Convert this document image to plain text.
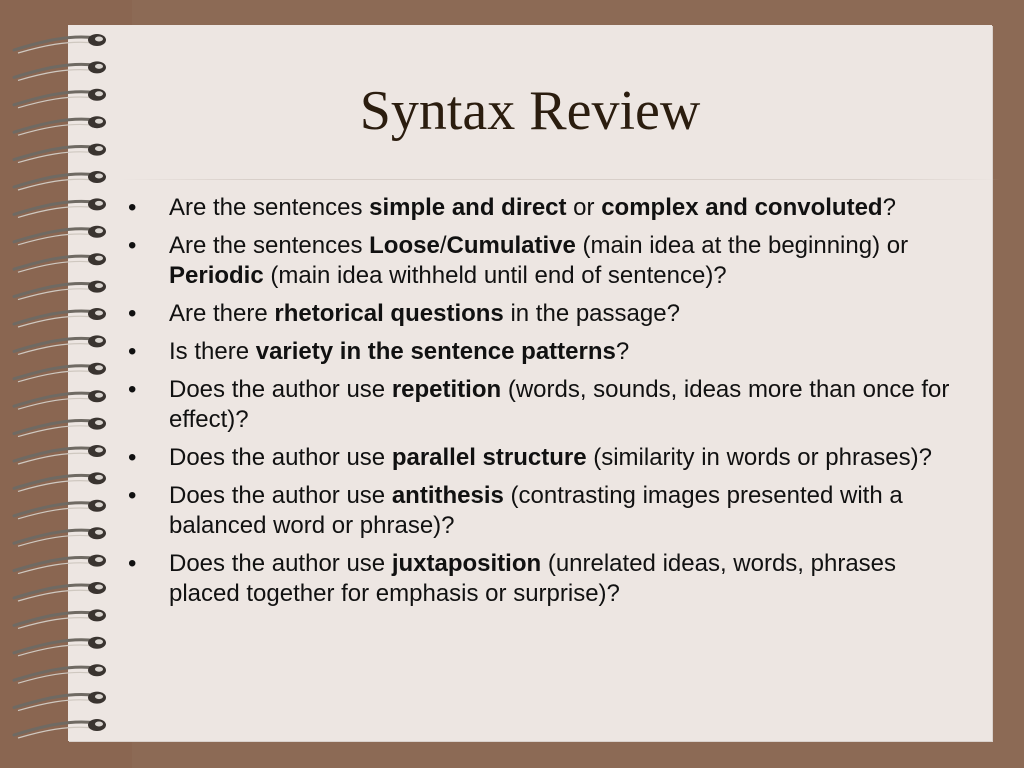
Syntax Review
•	Are the sentences simple and direct or complex and convoluted?
•	Are the sentences Loose/Cumulative (main idea at the beginning) or Periodic (main idea withheld until end of sentence)?
•	Are there rhetorical questions in the passage?
•	Is there variety in the sentence patterns?
•	Does the author use repetition (words, sounds, ideas more than once for effect)?
•	Does the author use parallel structure (similarity in words or phrases)?
•	Does the author use antithesis (contrasting images presented with a balanced word or phrase)?
•	Does the author use juxtaposition (unrelated ideas, words, phrases placed together for emphasis or surprise)?
